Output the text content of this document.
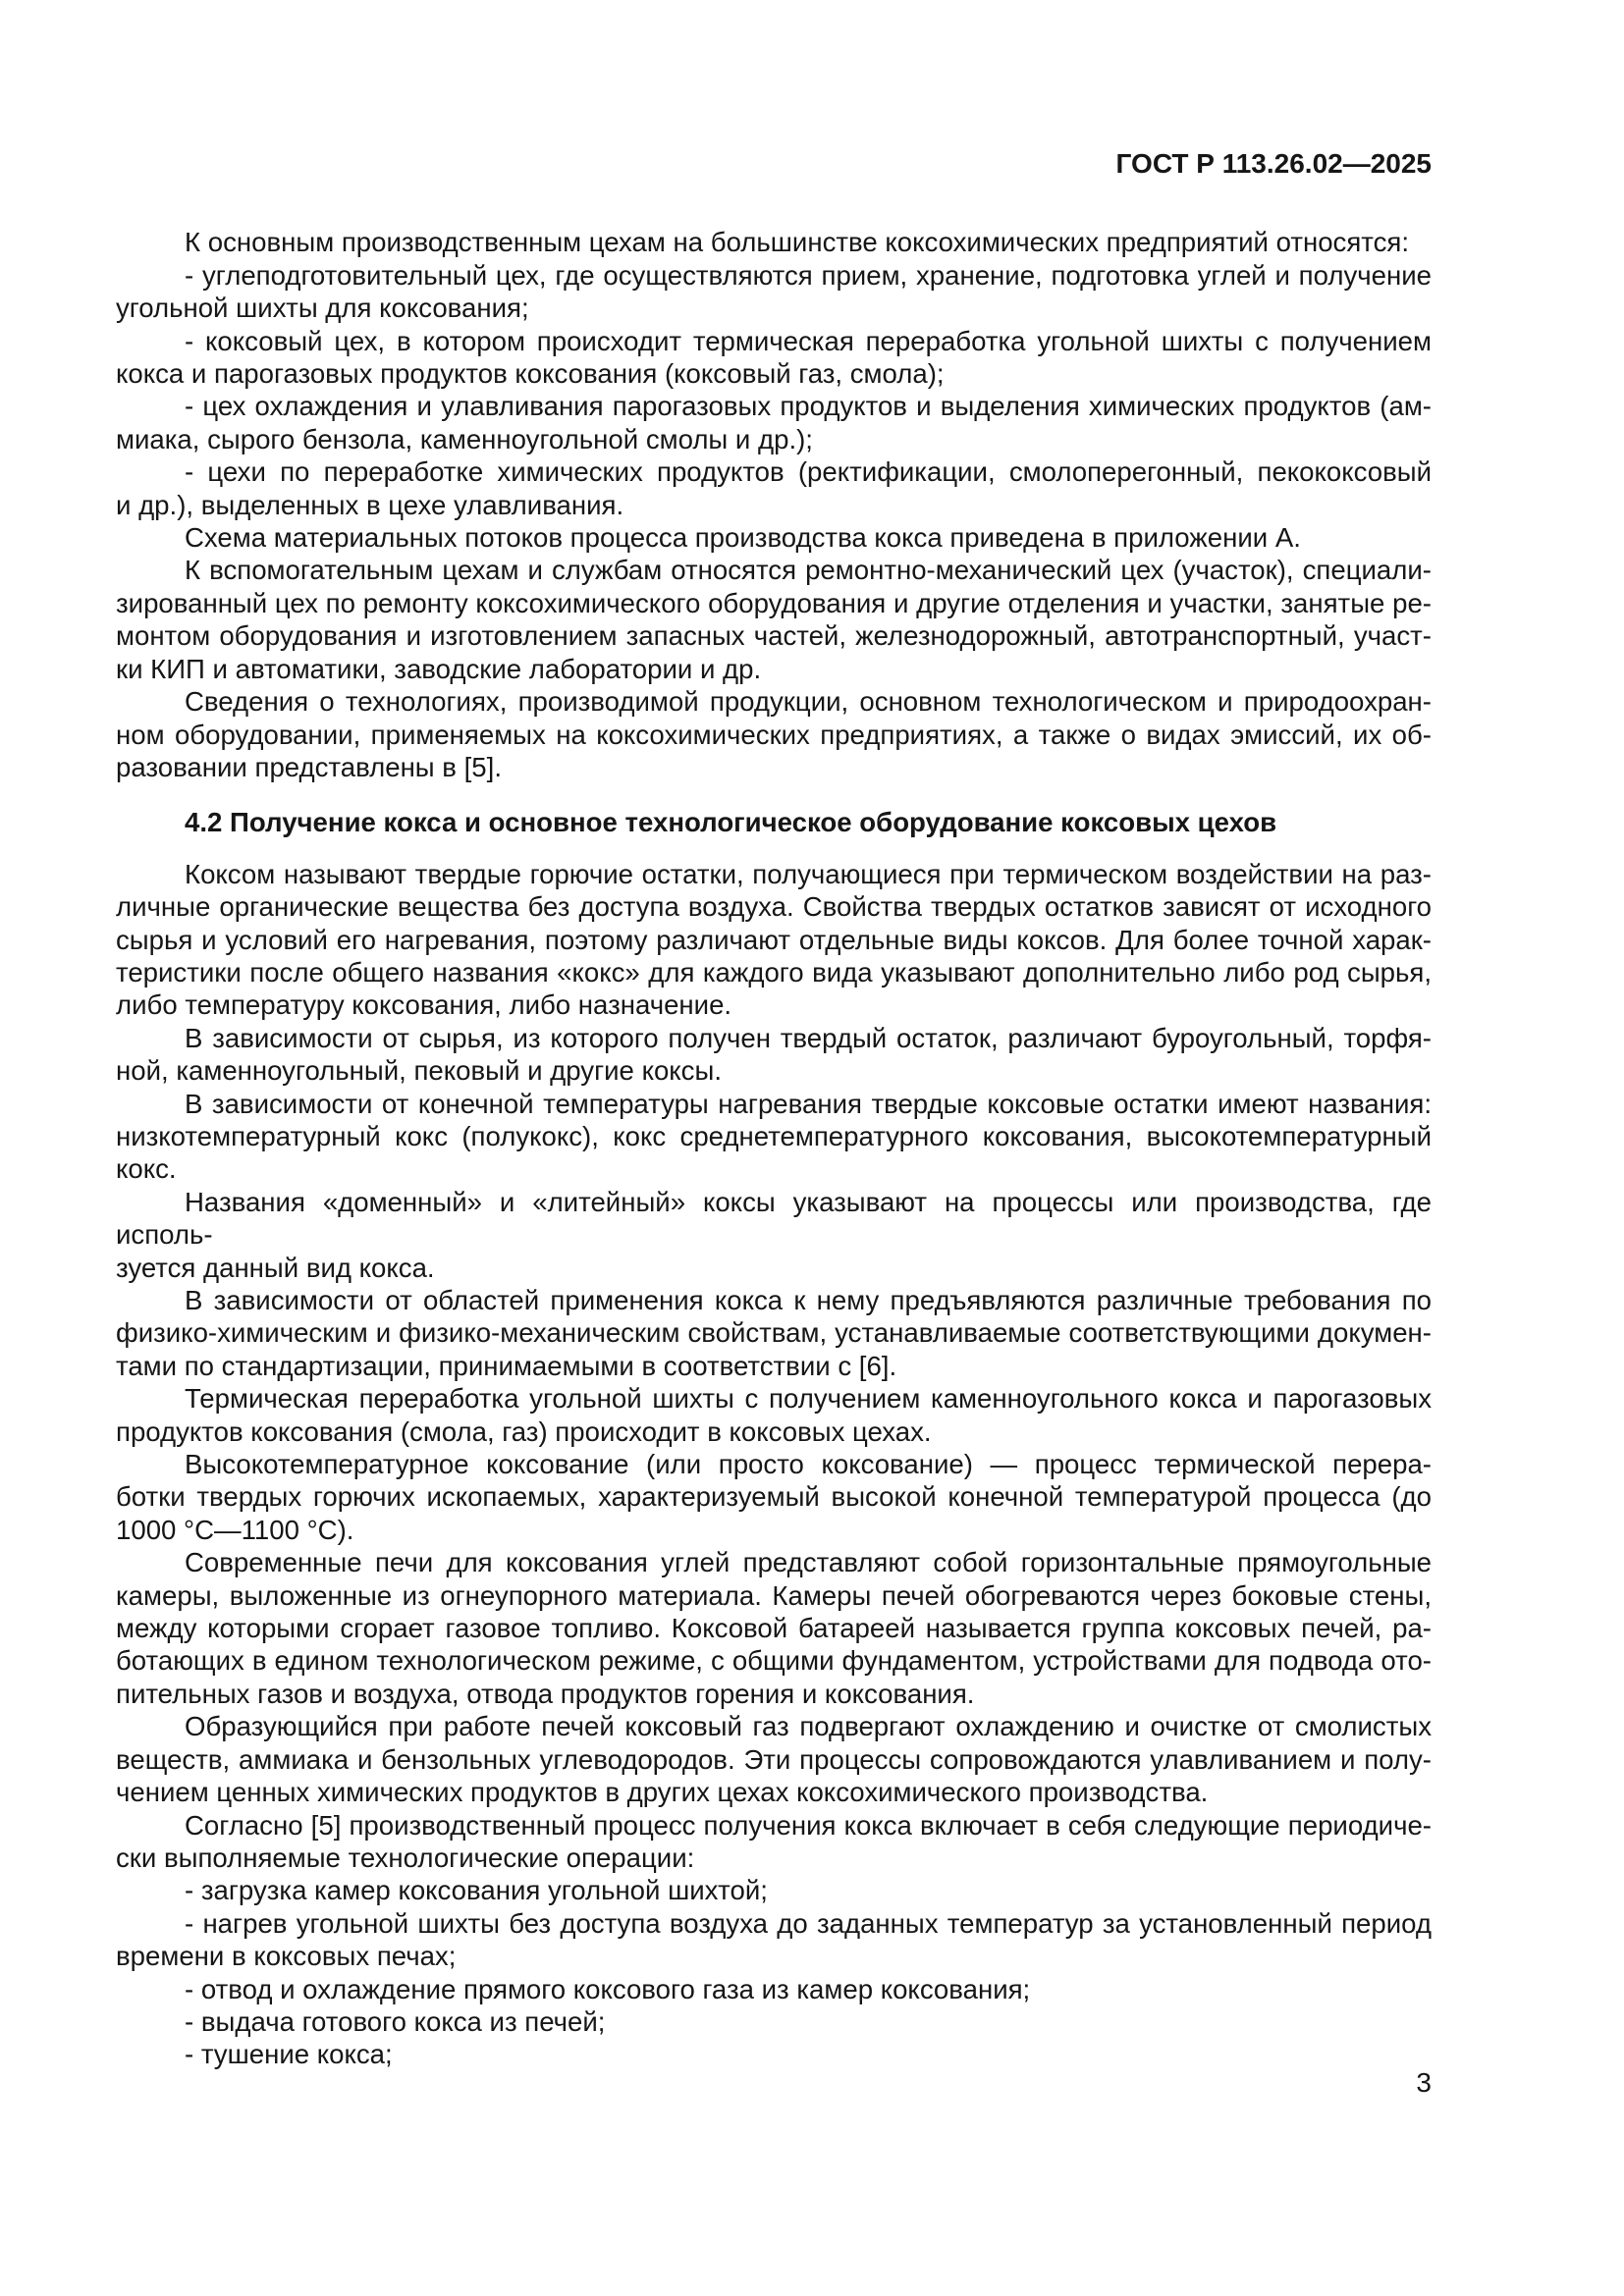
ГОСТ Р 113.26.02—2025
К основным производственным цехам на большинстве коксохимических предприятий относятся:
- углеподготовительный цех, где осуществляются прием, хранение, подготовка углей и получение
угольной шихты для коксования;
- коксовый цех, в котором происходит термическая переработка угольной шихты с получением
кокса и парогазовых продуктов коксования (коксовый газ, смола);
- цех охлаждения и улавливания парогазовых продуктов и выделения химических продуктов (ам-
миака, сырого бензола, каменноугольной смолы и др.);
- цехи по переработке химических продуктов (ректификации, смолоперегонный, пекококсовый
и др.), выделенных в цехе улавливания.
Схема материальных потоков процесса производства кокса приведена в приложении А.
К вспомогательным цехам и службам относятся ремонтно-механический цех (участок), специали-
зированный цех по ремонту коксохимического оборудования и другие отделения и участки, занятые ре-
монтом оборудования и изготовлением запасных частей, железнодорожный, автотранспортный, участ-
ки КИП и автоматики, заводские лаборатории и др.
Сведения о технологиях, производимой продукции, основном технологическом и природоохран-
ном оборудовании, применяемых на коксохимических предприятиях, а также о видах эмиссий, их об-
разовании представлены в [5].
4.2 Получение кокса и основное технологическое оборудование коксовых цехов
Коксом называют твердые горючие остатки, получающиеся при термическом воздействии на раз-
личные органические вещества без доступа воздуха. Свойства твердых остатков зависят от исходного
сырья и условий его нагревания, поэтому различают отдельные виды коксов. Для более точной харак-
теристики после общего названия «кокс» для каждого вида указывают дополнительно либо род сырья,
либо температуру коксования, либо назначение.
В зависимости от сырья, из которого получен твердый остаток, различают буроугольный, торфя-
ной, каменноугольный, пековый и другие коксы.
В зависимости от конечной температуры нагревания твердые коксовые остатки имеют названия:
низкотемпературный кокс (полукокс), кокс среднетемпературного коксования, высокотемпературный
кокс.
Названия «доменный» и «литейный» коксы указывают на процессы или производства, где исполь-
зуется данный вид кокса.
В зависимости от областей применения кокса к нему предъявляются различные требования по
физико-химическим и физико-механическим свойствам, устанавливаемые соответствующими докумен-
тами по стандартизации, принимаемыми в соответствии с [6].
Термическая переработка угольной шихты с получением каменноугольного кокса и парогазовых
продуктов коксования (смола, газ) происходит в коксовых цехах.
Высокотемпературное коксование (или просто коксование) — процесс термической перера-
ботки твердых горючих ископаемых, характеризуемый высокой конечной температурой процесса (до
1000 °С—1100 °С).
Современные печи для коксования углей представляют собой горизонтальные прямоугольные
камеры, выложенные из огнеупорного материала. Камеры печей обогреваются через боковые стены,
между которыми сгорает газовое топливо. Коксовой батареей называется группа коксовых печей, ра-
ботающих в едином технологическом режиме, с общими фундаментом, устройствами для подвода ото-
пительных газов и воздуха, отвода продуктов горения и коксования.
Образующийся при работе печей коксовый газ подвергают охлаждению и очистке от смолистых
веществ, аммиака и бензольных углеводородов. Эти процессы сопровождаются улавливанием и полу-
чением ценных химических продуктов в других цехах коксохимического производства.
Согласно [5] производственный процесс получения кокса включает в себя следующие периодиче-
ски выполняемые технологические операции:
- загрузка камер коксования угольной шихтой;
- нагрев угольной шихты без доступа воздуха до заданных температур за установленный период
времени в коксовых печах;
- отвод и охлаждение прямого коксового газа из камер коксования;
- выдача готового кокса из печей;
- тушение кокса;
3
